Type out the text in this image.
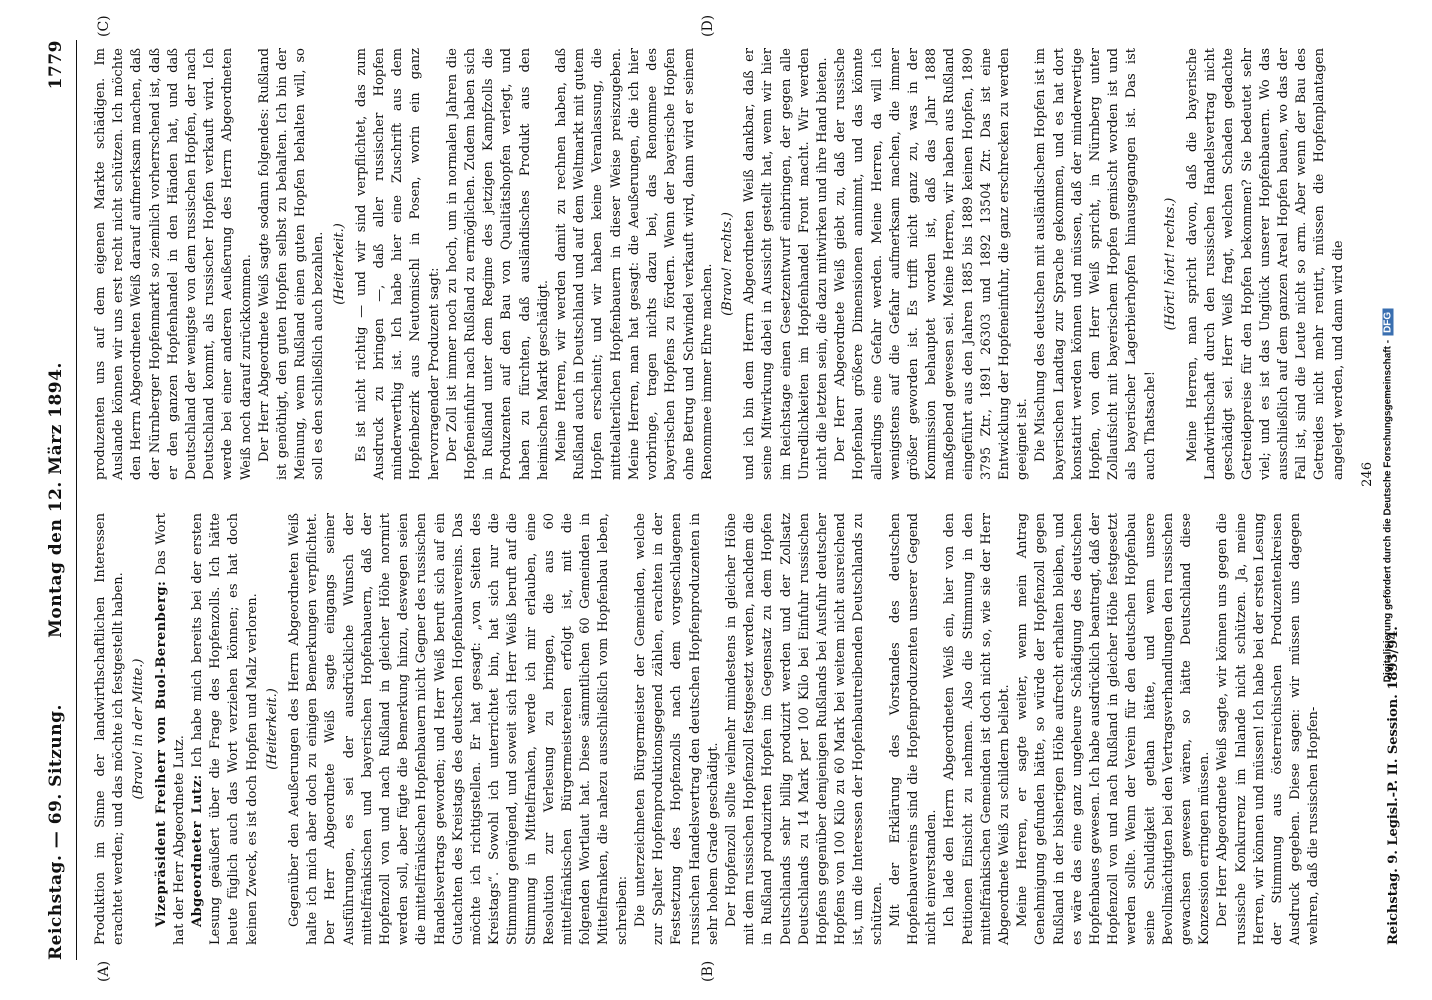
Reichstag. — 69. Sitzung.
Montag den 12. März 1894.
1779
(A)	(B)
(C)	(D)

Produktion im Sinne der landwirthschaftlichen Interessen erachtet werden; und das möchte ich festgestellt haben. (Bravo! in der Mitte.) Vizepräsident Freiherr von Buol-Berenberg: Das Wort hat der Herr Abgeordnete Lutz. Abgeordneter Lutz: Ich habe mich bereits bei der ersten Lesung geäußert über die Frage des Hopfenzolls. Ich hätte heute füglich auch das Wort verziehen können; es hat doch keinen Zweck, es ist doch Hopfen und Malz verloren. (Heiterkeit.) Gegenüber den Aeußerungen des Herrn Abgeordneten Weiß halte ich mich aber doch zu einigen Bemerkungen verpflichtet. Der Herr Abgeordnete Weiß sagte eingangs seiner Ausführungen, es sei der ausdrückliche Wunsch der mittelfränkischen und bayerischen Hopfenbauern, daß der Hopfenzoll von und nach Rußland in gleicher Höhe normirt werden soll, aber fügte die Bemerkung hinzu, deswegen seien die mittelfränkischen Hopfenbauern nicht Gegner des russischen Handelsvertrags geworden; und Herr Weiß beruft sich auf ein Gutachten des Kreistags des deutschen Hopfenbauvereins. Das möchte ich richtigstellen. Er hat gesagt: „von Seiten des Kreistags“. Sowohl ich unterrichtet bin, hat sich nur die Stimmung genügend, und soweit sich Herr Weiß beruft auf die Stimmung in Mittelfranken, werde ich mir erlauben, eine Resolution zur Verlesung zu bringen, die aus 60 mittelfränkischen Bürgermeistereien erfolgt ist, mit die folgenden Wortlaut hat. Diese sämmtlichen 60 Gemeinden in Mittelfranken, die nahezu ausschließlich vom Hopfenbau leben, schreiben: Die unterzeichneten Bürgermeister der Gemeinden, welche zur Spalter Hopfenproduktionsgegend zählen, erachten in der Festsetzung des Hopfenzolls nach dem vorgeschlagenen russischen Handelsvertrag den deutschen Hopfenproduzenten in sehr hohem Grade geschädigt. Der Hopfenzoll sollte vielmehr mindestens in gleicher Höhe mit dem russischen Hopfenzoll festgesetzt werden, nachdem die in Rußland produzirten Hopfen im Gegensatz zu dem Hopfen Deutschlands sehr billig produzirt werden und der Zollsatz Deutschlands zu 14 Mark per 100 Kilo bei Einfuhr russischen Hopfens gegenüber demjenigen Rußlands bei Ausfuhr deutscher Hopfens von 100 Kilo zu 60 Mark bei weitem nicht ausreichend ist, um die Interessen der Hopfenbautreibenden Deutschlands zu schützen. Mit der Erklärung des Vorstandes des deutschen Hopfenbauvereins sind die Hopfenproduzenten unserer Gegend nicht einverstanden. Ich lade den Herrn Abgeordneten Weiß ein, hier von den Petitionen Einsicht zu nehmen. Also die Stimmung in den mittelfränkischen Gemeinden ist doch nicht so, wie sie der Herr Abgeordnete Weiß zu schildern beliebt. Meine Herren, er sagte weiter, wenn mein Antrag Genehmigung gefunden hätte, so würde der Hopfenzoll gegen Rußland in der bisherigen Höhe aufrecht erhalten bleiben, und es wäre das eine ganz ungeheure Schädigung des deutschen Hopfenbaues gewesen. Ich habe ausdrücklich beantragt, daß der Hopfenzoll von und nach Rußland in gleicher Höhe festgesetzt werden sollte. Wenn der Verein für den deutschen Hopfenbau seine Schuldigkeit gethan hätte, und wenn unsere Bevollmächtigten bei den Vertragsverhandlungen den russischen gewachsen gewesen wären, so hätte Deutschland diese Konzession erringen müssen. Der Herr Abgeordnete Weiß sagte, wir können uns gegen die russische Konkurrenz im Inlande nicht schützen. Ja, meine Herren, wir können und müssen! Ich habe bei der ersten Lesung der Stimmung aus österreichischen Produzentenkreisen Ausdruck gegeben. Diese sagen: wir müssen uns dagegen wehren, daß die russischen Hopfen-

produzenten uns auf dem eigenen Markte schädigen. Im Auslande können wir uns erst recht nicht schützen. Ich möchte den Herrn Abgeordneten Weiß darauf aufmerksam machen, daß der Nürnberger Hopfenmarkt so ziemlich vorherrschend ist, daß er den ganzen Hopfenhandel in den Händen hat, und daß Deutschland der wenigste von dem russischen Hopfen, der nach Deutschland kommt, als russischer Hopfen verkauft wird. Ich werde bei einer anderen Aeußerung des Herrn Abgeordneten Weiß noch darauf zurückkommen. Der Herr Abgeordnete Weiß sagte sodann folgendes: Rußland ist genöthigt, den guten Hopfen selbst zu behalten. Ich bin der Meinung, wenn Rußland einen guten Hopfen behalten will, so soll es den schließlich auch bezahlen. (Heiterkeit.) Es ist nicht richtig — und wir sind verpflichtet, das zum Ausdruck zu bringen —, daß aller russischer Hopfen minderwerthig ist. Ich habe hier eine Zuschrift aus dem Hopfenbezirk aus Neutomischl in Posen, worin ein ganz hervorragender Produzent sagt: Der Zoll ist immer noch zu hoch, um in normalen Jahren die Hopfeneinfuhr nach Rußland zu ermöglichen. Zudem haben sich in Rußland unter dem Regime des jetzigen Kampfzolls die Produzenten auf den Bau von Qualitätshopfen verlegt, und haben zu fürchten, daß ausländisches Produkt aus den heimischen Markt geschädigt. Meine Herren, wir werden damit zu rechnen haben, daß Rußland auch in Deutschland und auf dem Weltmarkt mit gutem Hopfen erscheint; und wir haben keine Veranlassung, die mittelalterlichen Hopfenbauern in dieser Weise preiszugeben. Meine Herren, man hat gesagt: die Aeußerungen, die ich hier vorbringe, tragen nichts dazu bei, das Renommee des bayerischen Hopfens zu fördern. Wenn der bayerische Hopfen ohne Betrug und Schwindel verkauft wird, dann wird er seinem Renommee immer Ehre machen. (Bravo! rechts.) und ich bin dem Herrn Abgeordneten Weiß dankbar, daß er seine Mitwirkung dabei in Aussicht gestellt hat, wenn wir hier im Reichstage einen Gesetzentwurf einbringen, der gegen alle Unredlichkeiten im Hopfenhandel Front macht. Wir werden nicht die letzten sein, die dazu mitwirken und ihre Hand bieten. Der Herr Abgeordnete Weiß giebt zu, daß der russische Hopfenbau größere Dimensionen annimmt, und das könnte allerdings eine Gefahr werden. Meine Herren, da will ich wenigstens auf die Gefahr aufmerksam machen, die immer größer geworden ist. Es trifft nicht ganz zu, was in der Kommission behauptet worden ist, daß das Jahr 1888 maßgebend gewesen sei. Meine Herren, wir haben aus Rußland eingeführt aus den Jahren 1885 bis 1889 keinen Hopfen, 1890 3795 Ztr., 1891 26303 und 1892 13504 Ztr. Das ist eine Entwicklung der Hopfeneinfuhr, die ganz erschrecken zu werden geeignet ist. Die Mischung des deutschen mit ausländischem Hopfen ist im bayerischen Landtag zur Sprache gekommen, und es hat dort konstatirt werden können und müssen, daß der minderwertige Hopfen, von dem Herr Weiß spricht, in Nürnberg unter Zollaufsicht mit bayerischem Hopfen gemischt worden ist und als bayerischer Lagerbierhopfen hinausgegangen ist. Das ist auch Thatsache!

(Hört! hört! rechts.) Meine Herren, man spricht davon, daß die bayerische Landwirthschaft durch den russischen Handelsvertrag nicht geschädigt sei. Herr Weiß fragt, welchen Schaden gedachte Getreidepreise für den Hopfen bekommen? Sie bedeutet sehr viel; und es ist das Unglück unserer Hopfenbauern. Wo das ausschließlich auf dem ganzen Areal Hopfen bauen, wo das der Fall ist, sind die Leute nicht so arm. Aber wenn der Bau des Getreides nicht mehr rentirt, müssen die Hopfenplantagen angelegt werden, und dann wird die 246
Reichstag. 9. Legisl.-P. II. Session. 1893/94.
Digitalisierung gefördert durch die Deutsche Forschungsgemeinschaft -DFG
